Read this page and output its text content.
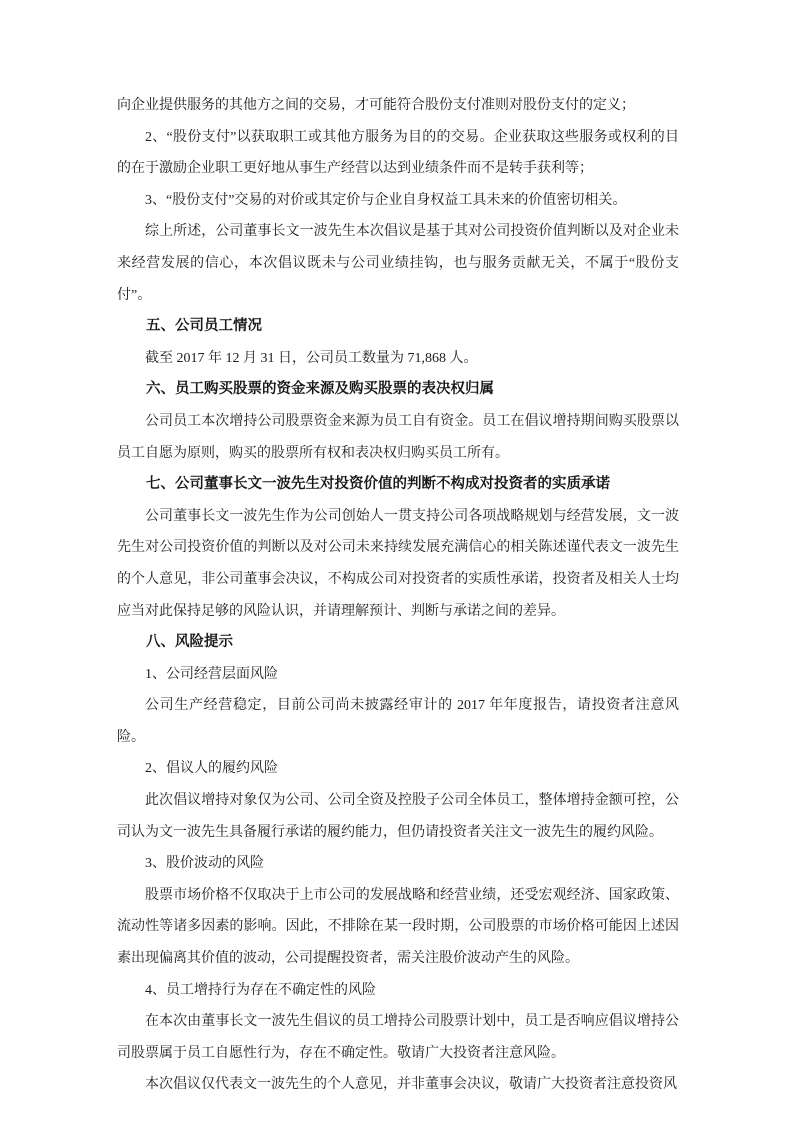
向企业提供服务的其他方之间的交易，才可能符合股份支付准则对股份支付的定义；

2、“股份支付”以获取职工或其他方服务为目的的交易。企业获取这些服务或权利的目的在于激励企业职工更好地从事生产经营以达到业绩条件而不是转手获利等；

3、“股份支付”交易的对价或其定价与企业自身权益工具未来的价值密切相关。

综上所述，公司董事长文一波先生本次倡议是基于其对公司投资价值判断以及对企业未来经营发展的信心，本次倡议既未与公司业绩挂钩，也与服务贡献无关，不属于“股份支付”。

五、公司员工情况

截至 2017 年 12 月 31 日，公司员工数量为 71,868 人。

六、员工购买股票的资金来源及购买股票的表决权归属

公司员工本次增持公司股票资金来源为员工自有资金。员工在倡议增持期间购买股票以员工自愿为原则，购买的股票所有权和表决权归购买员工所有。

七、公司董事长文一波先生对投资价值的判断不构成对投资者的实质承诺

公司董事长文一波先生作为公司创始人一贯支持公司各项战略规划与经营发展，文一波先生对公司投资价值的判断以及对公司未来持续发展充满信心的相关陈述谨代表文一波先生的个人意见，非公司董事会决议，不构成公司对投资者的实质性承诺，投资者及相关人士均应当对此保持足够的风险认识，并请理解预计、判断与承诺之间的差异。

八、风险提示

1、公司经营层面风险

公司生产经营稳定，目前公司尚未披露经审计的 2017 年年度报告，请投资者注意风险。

2、倡议人的履约风险

此次倡议增持对象仅为公司、公司全资及控股子公司全体员工，整体增持金额可控，公司认为文一波先生具备履行承诺的履约能力，但仍请投资者关注文一波先生的履约风险。

3、股价波动的风险

股票市场价格不仅取决于上市公司的发展战略和经营业绩，还受宏观经济、国家政策、流动性等诸多因素的影响。因此，不排除在某一段时期，公司股票的市场价格可能因上述因素出现偏离其价值的波动，公司提醒投资者，需关注股价波动产生的风险。

4、员工增持行为存在不确定性的风险

在本次由董事长文一波先生倡议的员工增持公司股票计划中，员工是否响应倡议增持公司股票属于员工自愿性行为，存在不确定性。敬请广大投资者注意风险。

本次倡议仅代表文一波先生的个人意见，并非董事会决议，敬请广大投资者注意投资风
